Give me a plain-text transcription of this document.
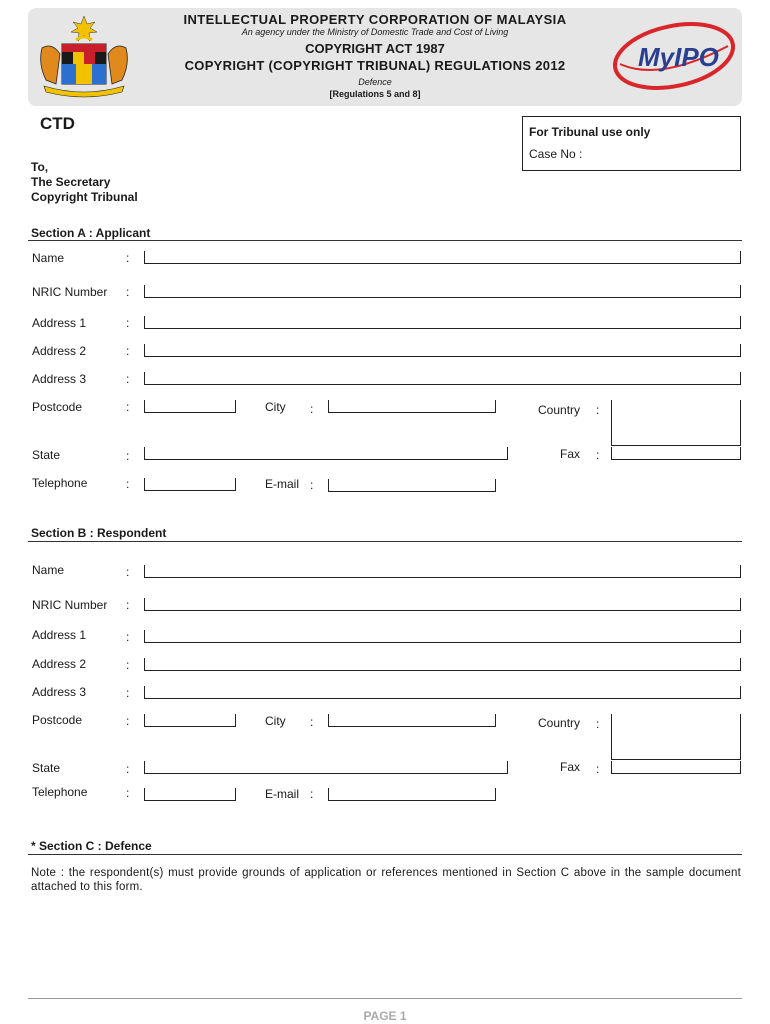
MyIPO
INTELLECTUAL PROPERTY CORPORATION OF MALAYSIA
An agency under the Ministry of Domestic Trade and Cost of Living
COPYRIGHT ACT 1987
COPYRIGHT (COPYRIGHT TRIBUNAL) REGULATIONS 2012
Defence
[Regulations 5 and 8]
CTD	For Tribunal use only
Case No :
To,
The Secretary
Copyright Tribunal
Section A : Applicant
Name	:
NRIC Number :
Address 1	:
Address 2	:
Address 3	:
Postcode	:	City :	Country :
State	:	Fax :
Telephone	:	E-mail :
Section B : Respondent
Name	:
NRIC Number :
Address 1	:
Address 2	:
Address 3	:
Postcode	:	City :	Country :
State	:	Fax :
Telephone	:	E-mail :
* Section C : Defence
Note : the respondent(s) must provide grounds of application or references mentioned in Section C above in the sample document attached to this form.
PAGE 1
